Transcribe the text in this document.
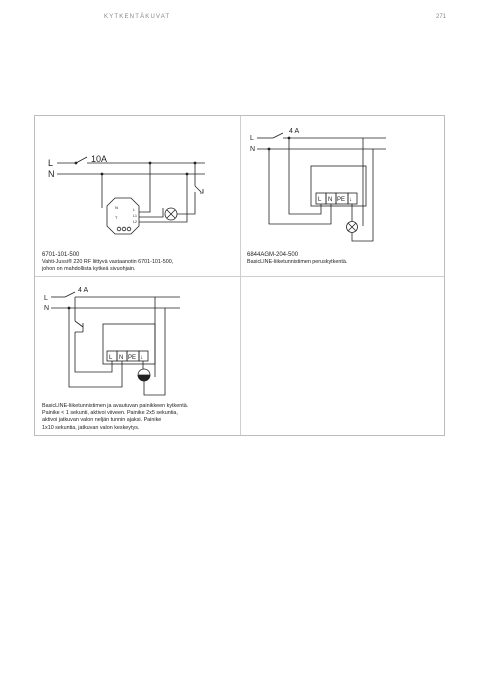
KYTKENTÄKUVAT	271
L
N
10A
N
T
L
L1
L2
6701-101-500
Vahti-Jussi® 220 RF liittyvä vastaanotin 6701-101-500,
johon on mahdollista kytkeä sivuohjain.
L
N
4 A
L N PE ↓
6844AGM-204-500
BasicLINE-liiketunnistimen peruskytkentä.
L
N
4 A
L N PE ↓
BasicLINE-liiketunnistimen ja avautuvan painikkeen kytkentä.
Painike < 1 sekunti, aktivoi viiveen. Painike 2x5 sekuntia,
aktivoi jatkuvan valon neljän tunnin ajaksi. Painike
1x10 sekuntia, jatkuvan valon keskeytys.
